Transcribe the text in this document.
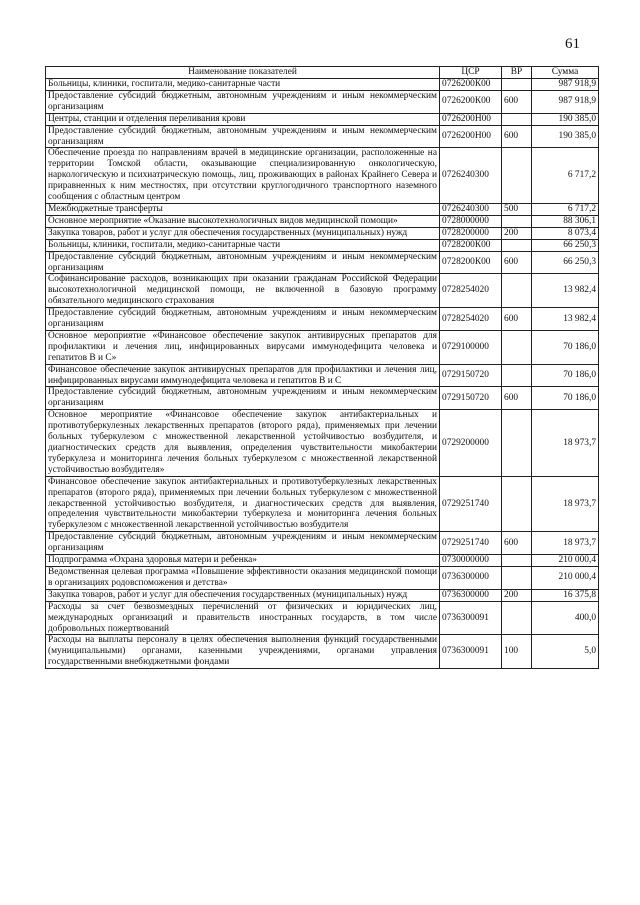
61
Наименование показателей	ЦСР	ВР	Сумма
Больницы, клиники, госпитали, медико-санитарные части	0726200К00		987 918,9
Предоставление субсидий бюджетным, автономным учреждениям и иным некоммерческим организациям	0726200К00	600	987 918,9
Центры, станции и отделения переливания крови	0726200Н00		190 385,0
Предоставление субсидий бюджетным, автономным учреждениям и иным некоммерческим организациям	0726200Н00	600	190 385,0
Обеспечение проезда по направлениям врачей в медицинские организации, расположенные на территории Томской области, оказывающие специализированную онкологическую, наркологическую и психиатрическую помощь, лиц, проживающих в районах Крайнего Севера и приравненных к ним местностях, при отсутствии круглогодичного транспортного наземного сообщения с областным центром	0726240300		6 717,2
Межбюджетные трансферты	0726240300	500	6 717,2
Основное мероприятие «Оказание высокотехнологичных видов медицинской помощи»	0728000000		88 306,1
Закупка товаров, работ и услуг для обеспечения государственных (муниципальных) нужд	0728200000	200	8 073,4
Больницы, клиники, госпитали, медико-санитарные части	0728200К00		66 250,3
Предоставление субсидий бюджетным, автономным учреждениям и иным некоммерческим организациям	0728200К00	600	66 250,3
Софинансирование расходов, возникающих при оказании гражданам Российской Федерации высокотехнологичной медицинской помощи, не включенной в базовую программу обязательного медицинского страхования	0728254020		13 982,4
Предоставление субсидий бюджетным, автономным учреждениям и иным некоммерческим организациям	0728254020	600	13 982,4
Основное мероприятие «Финансовое обеспечение закупок антивирусных препаратов для профилактики и лечения лиц, инфицированных вирусами иммунодефицита человека и гепатитов В и С»	0729100000		70 186,0
Финансовое обеспечение закупок антивирусных препаратов для профилактики и лечения лиц, инфицированных вирусами иммунодефицита человека и гепатитов В и С	0729150720		70 186,0
Предоставление субсидий бюджетным, автономным учреждениям и иным некоммерческим организациям	0729150720	600	70 186,0
Основное мероприятие «Финансовое обеспечение закупок антибактериальных и противотуберкулезных лекарственных препаратов (второго ряда), применяемых при лечении больных туберкулезом с множественной лекарственной устойчивостью возбудителя, и диагностических средств для выявления, определения чувствительности микобактерии туберкулеза и мониторинга лечения больных туберкулезом с множественной лекарственной устойчивостью возбудителя»	0729200000		18 973,7
Финансовое обеспечение закупок антибактериальных и противотуберкулезных лекарственных препаратов (второго ряда), применяемых при лечении больных туберкулезом с множественной лекарственной устойчивостью возбудителя, и диагностических средств для выявления, определения чувствительности микобактерии туберкулеза и мониторинга лечения больных туберкулезом с множественной лекарственной устойчивостью возбудителя	0729251740		18 973,7
Предоставление субсидий бюджетным, автономным учреждениям и иным некоммерческим организациям	0729251740	600	18 973,7
Подпрограмма «Охрана здоровья матери и ребенка»	0730000000		210 000,4
Ведомственная целевая программа «Повышение эффективности оказания медицинской помощи в организациях родовспоможения и детства»	0736300000		210 000,4
Закупка товаров, работ и услуг для обеспечения государственных (муниципальных) нужд	0736300000	200	16 375,8
Расходы за счет безвозмездных перечислений от физических и юридических лиц, международных организаций и правительств иностранных государств, в том числе добровольных пожертвований	0736300091		400,0
Расходы на выплаты персоналу в целях обеспечения выполнения функций государственными (муниципальными) органами, казенными учреждениями, органами управления государственными внебюджетными фондами	0736300091	100	5,0
